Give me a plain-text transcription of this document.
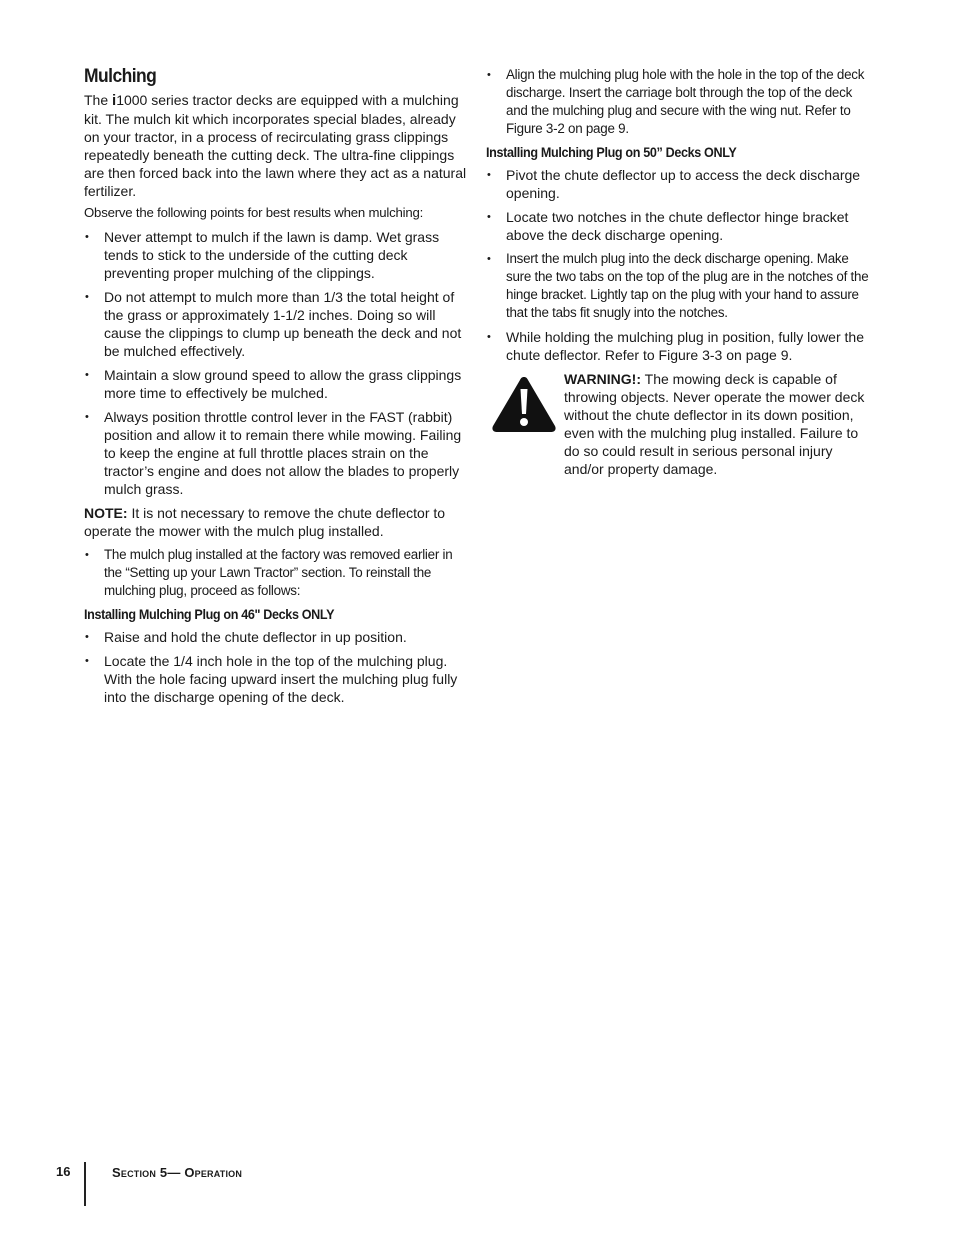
Mulching

The i1000 series tractor decks are equipped with a mulching kit. The mulch kit which incorporates special blades, already on your tractor, in a process of recirculating grass clippings repeatedly beneath the cutting deck. The ultra-fine clippings are then forced back into the lawn where they act as a natural fertilizer.

Observe the following points for best results when mulching:

• Never attempt to mulch if the lawn is damp. Wet grass tends to stick to the underside of the cutting deck preventing proper mulching of the clippings.
• Do not attempt to mulch more than 1/3 the total height of the grass or approximately 1-1/2 inches. Doing so will cause the clippings to clump up beneath the deck and not be mulched effectively.
• Maintain a slow ground speed to allow the grass clippings more time to effectively be mulched.
• Always position throttle control lever in the FAST (rabbit) position and allow it to remain there while mowing. Failing to keep the engine at full throttle places strain on the tractor’s engine and does not allow the blades to properly mulch grass.

NOTE: It is not necessary to remove the chute deflector to operate the mower with the mulch plug installed.

• The mulch plug installed at the factory was removed earlier in the “Setting up your Lawn Tractor” section. To reinstall the mulching plug, proceed as follows:
Installing Mulching Plug on 46" Decks ONLY
• Raise and hold the chute deflector in up position.
• Locate the 1/4 inch hole in the top of the mulching plug. With the hole facing upward insert the mulching plug fully into the discharge opening of the deck.
• Align the mulching plug hole with the hole in the top of the deck discharge. Insert the carriage bolt through the top of the deck and the mulching plug and secure with the wing nut. Refer to Figure 3-2 on page 9.
Installing Mulching Plug on 50” Decks ONLY
• Pivot the chute deflector up to access the deck discharge opening.
• Locate two notches in the chute deflector hinge bracket above the deck discharge opening.
• Insert the mulch plug into the deck discharge opening. Make sure the two tabs on the top of the plug are in the notches of the hinge bracket. Lightly tap on the plug with your hand to assure that the tabs fit snugly into the notches.
• While holding the mulching plug in position, fully lower the chute deflector. Refer to Figure 3-3 on page 9.
WARNING!: The mowing deck is capable of throwing objects. Never operate the mower deck without the chute deflector in its down position, even with the mulching plug installed. Failure to do so could result in serious personal injury and/or property damage.
16	Section 5— Operation
